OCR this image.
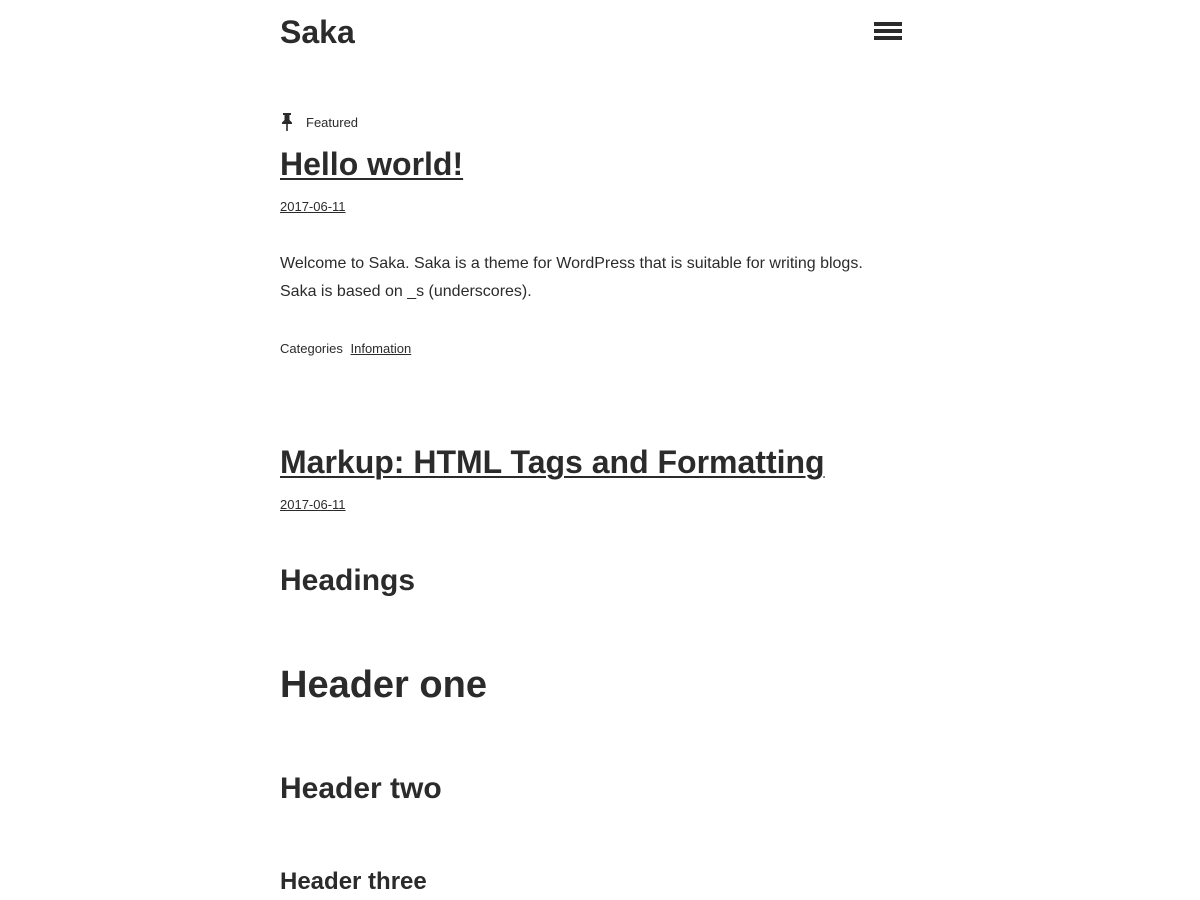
Saka
Featured
Hello world!
2017-06-11

Welcome to Saka. Saka is a theme for WordPress that is suitable for writing blogs. Saka is based on _s (underscores).

Categories Infomation
Markup: HTML Tags and Formatting
2017-06-11
Headings
Header one
Header two
Header three
